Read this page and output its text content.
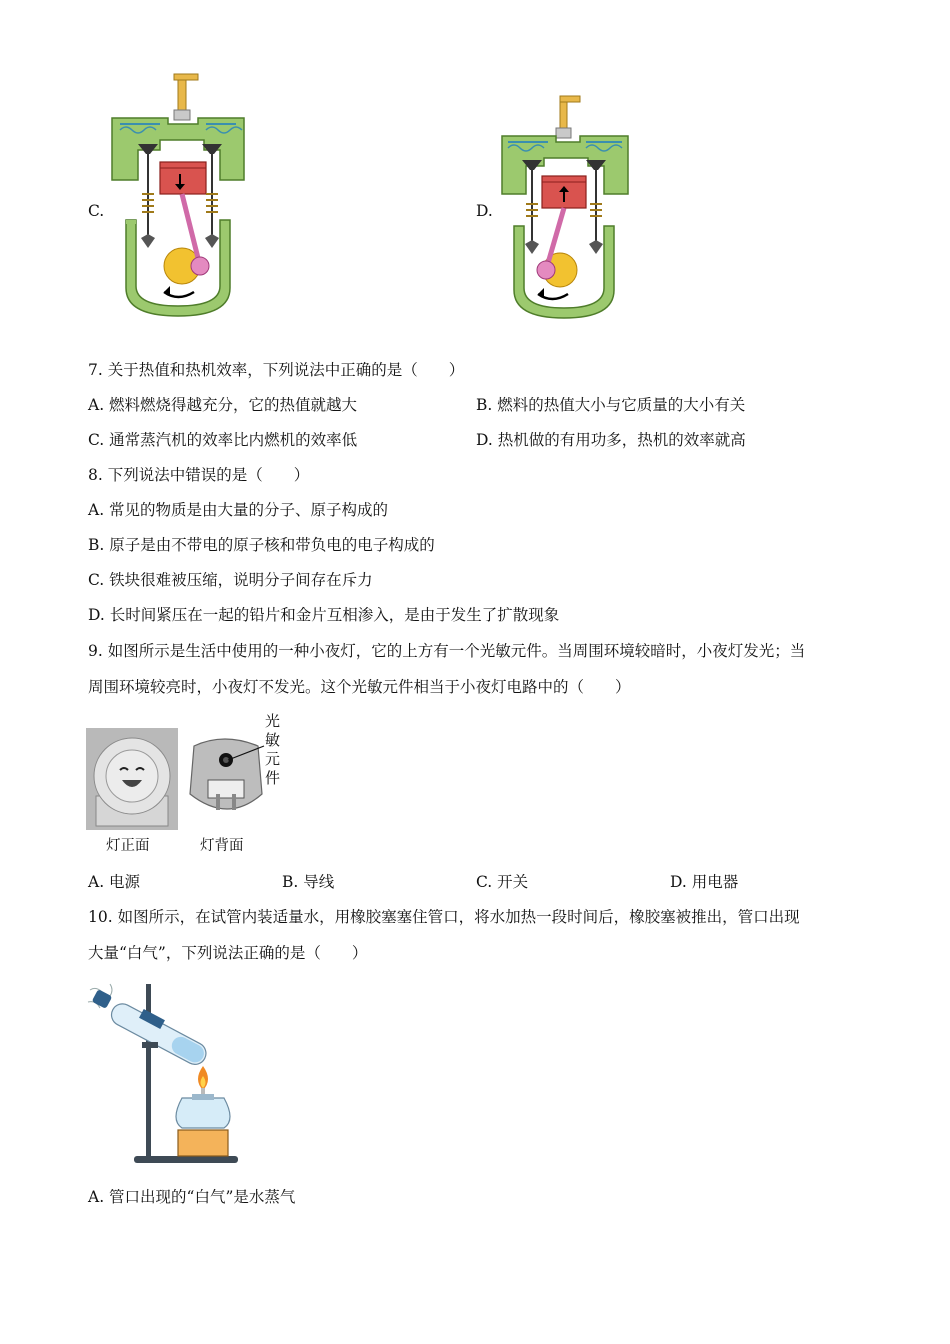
C.	D.
7. 关于热值和热机效率，下列说法中正确的是（　　）
A. 燃料燃烧得越充分，它的热值就越大	B. 燃料的热值大小与它质量的大小有关
C. 通常蒸汽机的效率比内燃机的效率低	D. 热机做的有用功多，热机的效率就高
8. 下列说法中错误的是（　　）
A. 常见的物质是由大量的分子、原子构成的
B. 原子是由不带电的原子核和带负电的电子构成的
C. 铁块很难被压缩，说明分子间存在斥力
D. 长时间紧压在一起的铅片和金片互相渗入，是由于发生了扩散现象
9. 如图所示是生活中使用的一种小夜灯，它的上方有一个光敏元件。当周围环境较暗时，小夜灯发光；当
周围环境较亮时，小夜灯不发光。这个光敏元件相当于小夜灯电路中的（　　）
灯正面
光
敏
元
件
灯背面
A. 电源	B. 导线	C. 开关	D. 用电器
10. 如图所示，在试管内装适量水，用橡胶塞塞住管口，将水加热一段时间后，橡胶塞被推出，管口出现
大量“白气”，下列说法正确的是（　　）
A. 管口出现的“白气”是水蒸气
